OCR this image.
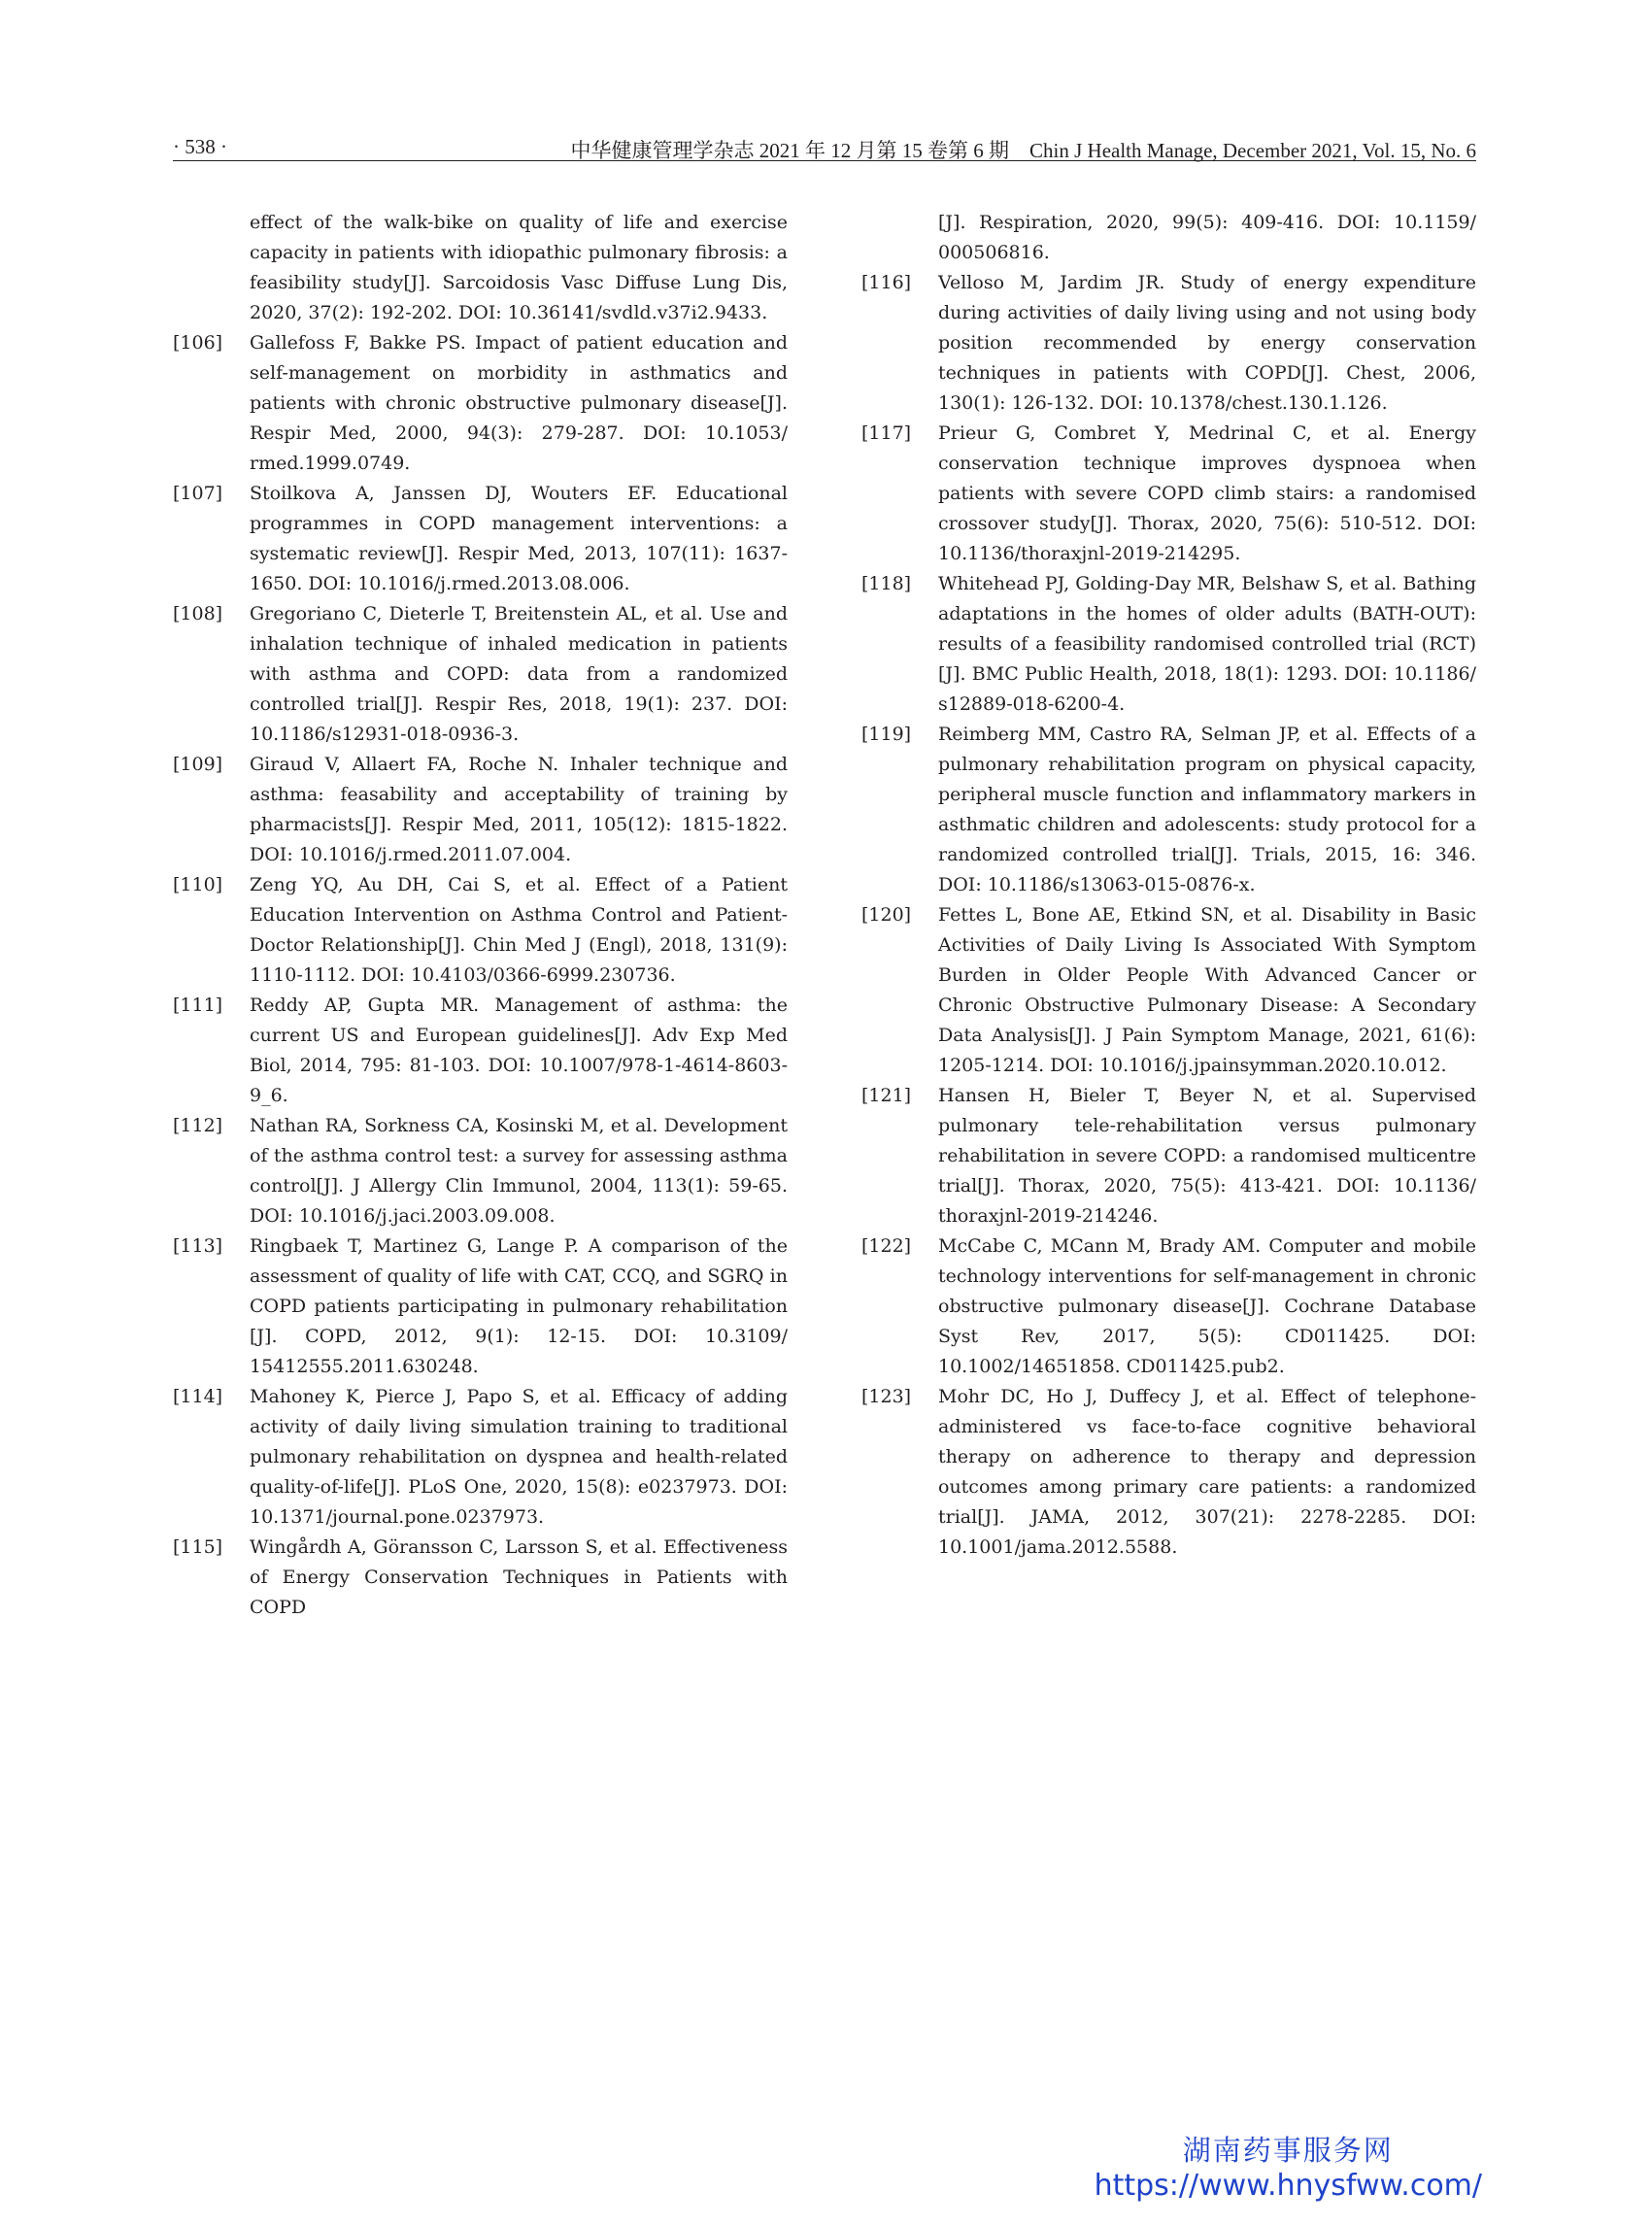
· 538 ·	中华健康管理学杂志 2021 年 12 月第 15 卷第 6 期　Chin J Health Manage, December 2021, Vol. 15, No. 6
effect of the walk-bike on quality of life and exercise capacity in patients with idiopathic pulmonary fibrosis: a feasibility study[J]. Sarcoidosis Vasc Diffuse Lung Dis, 2020, 37(2): 192-202. DOI: 10.36141/svdld.v37i2.9433.
[106]	Gallefoss F, Bakke PS. Impact of patient education and self-management on morbidity in asthmatics and patients with chronic obstructive pulmonary disease[J]. Respir Med, 2000, 94(3): 279-287. DOI: 10.1053/ rmed.1999.0749.
[107]	Stoilkova A, Janssen DJ, Wouters EF. Educational programmes in COPD management interventions: a systematic review[J]. Respir Med, 2013, 107(11): 1637-1650. DOI: 10.1016/j.rmed.2013.08.006.
[108]	Gregoriano C, Dieterle T, Breitenstein AL, et al. Use and inhalation technique of inhaled medication in patients with asthma and COPD: data from a randomized controlled trial[J]. Respir Res, 2018, 19(1): 237. DOI: 10.1186/s12931-018-0936-3.
[109]	Giraud V, Allaert FA, Roche N. Inhaler technique and asthma: feasability and acceptability of training by pharmacists[J]. Respir Med, 2011, 105(12): 1815-1822. DOI: 10.1016/j.rmed.2011.07.004.
[110]	Zeng YQ, Au DH, Cai S, et al. Effect of a Patient Education Intervention on Asthma Control and Patient-Doctor Relationship[J]. Chin Med J (Engl), 2018, 131(9): 1110-1112. DOI: 10.4103/0366-6999.230736.
[111]	Reddy AP, Gupta MR. Management of asthma: the current US and European guidelines[J]. Adv Exp Med Biol, 2014, 795: 81-103. DOI: 10.1007/978-1-4614-8603-9_6.
[112]	Nathan RA, Sorkness CA, Kosinski M, et al. Development of the asthma control test: a survey for assessing asthma control[J]. J Allergy Clin Immunol, 2004, 113(1): 59-65. DOI: 10.1016/j.jaci.2003.09.008.
[113]	Ringbaek T, Martinez G, Lange P. A comparison of the assessment of quality of life with CAT, CCQ, and SGRQ in COPD patients participating in pulmonary rehabilitation [J]. COPD, 2012, 9(1): 12-15. DOI: 10.3109/ 15412555.2011.630248.
[114]	Mahoney K, Pierce J, Papo S, et al. Efficacy of adding activity of daily living simulation training to traditional pulmonary rehabilitation on dyspnea and health-related quality-of-life[J]. PLoS One, 2020, 15(8): e0237973. DOI: 10.1371/journal.pone.0237973.
[115]	Wingårdh A, Göransson C, Larsson S, et al. Effectiveness of Energy Conservation Techniques in Patients with COPD
[J]. Respiration, 2020, 99(5): 409-416. DOI: 10.1159/ 000506816.
[116]	Velloso M, Jardim JR. Study of energy expenditure during activities of daily living using and not using body position recommended by energy conservation techniques in patients with COPD[J]. Chest, 2006, 130(1): 126-132. DOI: 10.1378/chest.130.1.126.
[117]	Prieur G, Combret Y, Medrinal C, et al. Energy conservation technique improves dyspnoea when patients with severe COPD climb stairs: a randomised crossover study[J]. Thorax, 2020, 75(6): 510-512. DOI: 10.1136/thoraxjnl-2019-214295.
[118]	Whitehead PJ, Golding-Day MR, Belshaw S, et al. Bathing adaptations in the homes of older adults (BATH-OUT): results of a feasibility randomised controlled trial (RCT) [J]. BMC Public Health, 2018, 18(1): 1293. DOI: 10.1186/ s12889-018-6200-4.
[119]	Reimberg MM, Castro RA, Selman JP, et al. Effects of a pulmonary rehabilitation program on physical capacity, peripheral muscle function and inflammatory markers in asthmatic children and adolescents: study protocol for a randomized controlled trial[J]. Trials, 2015, 16: 346. DOI: 10.1186/s13063-015-0876-x.
[120]	Fettes L, Bone AE, Etkind SN, et al. Disability in Basic Activities of Daily Living Is Associated With Symptom Burden in Older People With Advanced Cancer or Chronic Obstructive Pulmonary Disease: A Secondary Data Analysis[J]. J Pain Symptom Manage, 2021, 61(6): 1205-1214. DOI: 10.1016/j.jpainsymman.2020.10.012.
[121]	Hansen H, Bieler T, Beyer N, et al. Supervised pulmonary tele-rehabilitation versus pulmonary rehabilitation in severe COPD: a randomised multicentre trial[J]. Thorax, 2020, 75(5): 413-421. DOI: 10.1136/ thoraxjnl-2019-214246.
[122]	McCabe C, MCann M, Brady AM. Computer and mobile technology interventions for self-management in chronic obstructive pulmonary disease[J]. Cochrane Database Syst Rev, 2017, 5(5): CD011425. DOI: 10.1002/14651858. CD011425.pub2.
[123]	Mohr DC, Ho J, Duffecy J, et al. Effect of telephone-administered vs face-to-face cognitive behavioral therapy on adherence to therapy and depression outcomes among primary care patients: a randomized trial[J]. JAMA, 2012, 307(21): 2278-2285. DOI: 10.1001/jama.2012.5588.
湖南药事服务网
https://www.hnysfww.com/
